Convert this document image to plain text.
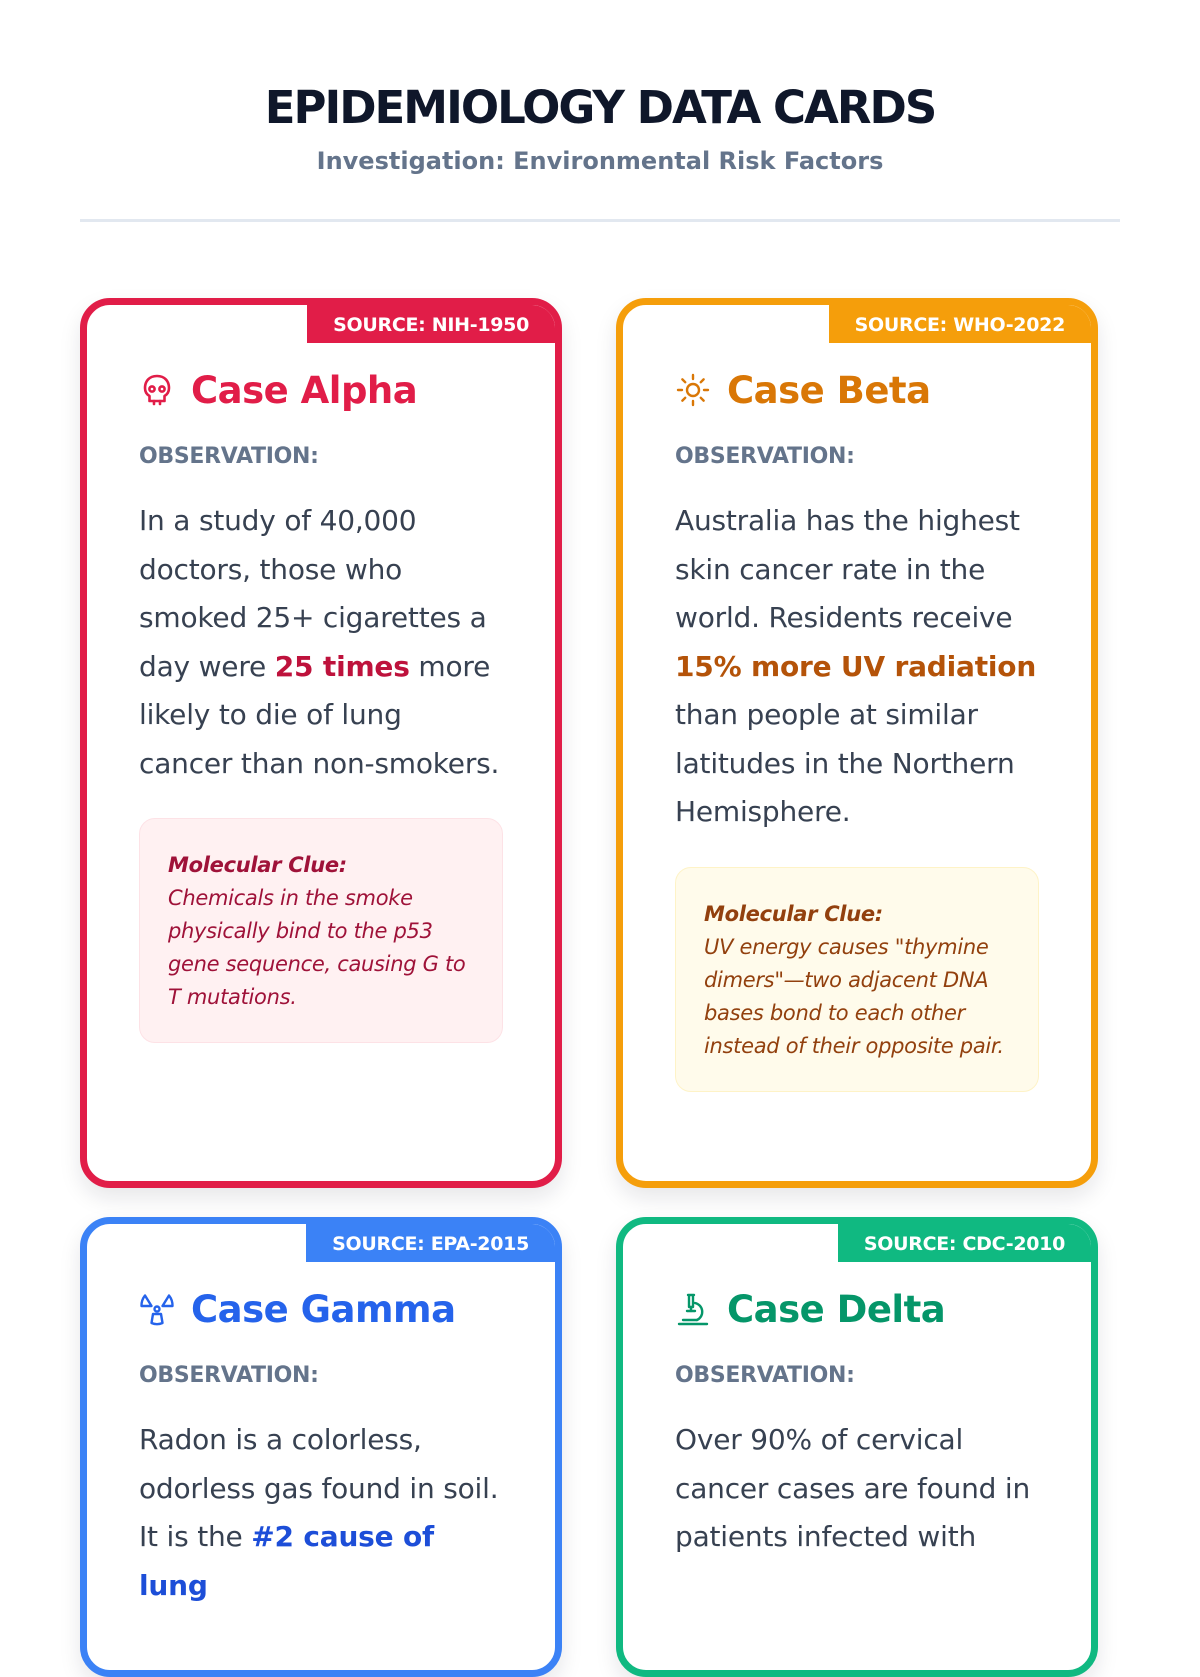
EPIDEMIOLOGY DATA CARDS
Investigation: Environmental Risk Factors
SOURCE: NIH-1950
Case Alpha
OBSERVATION:
In a study of 40,000 doctors, those who smoked 25+ cigarettes a day were 25 times more likely to die of lung cancer than non-smokers.
Molecular Clue:
Chemicals in the smoke physically bind to the p53 gene sequence, causing G to T mutations.
SOURCE: WHO-2022
Case Beta
OBSERVATION:
Australia has the highest skin cancer rate in the world. Residents receive 15% more UV radiation than people at similar latitudes in the Northern Hemisphere.
Molecular Clue:
UV energy causes "thymine dimers"—two adjacent DNA bases bond to each other instead of their opposite pair.
SOURCE: EPA-2015
Case Gamma
OBSERVATION:
Radon is a colorless, odorless gas found in soil. It is the #2 cause of lung
SOURCE: CDC-2010
Case Delta
OBSERVATION:
Over 90% of cervical cancer cases are found in patients infected with
